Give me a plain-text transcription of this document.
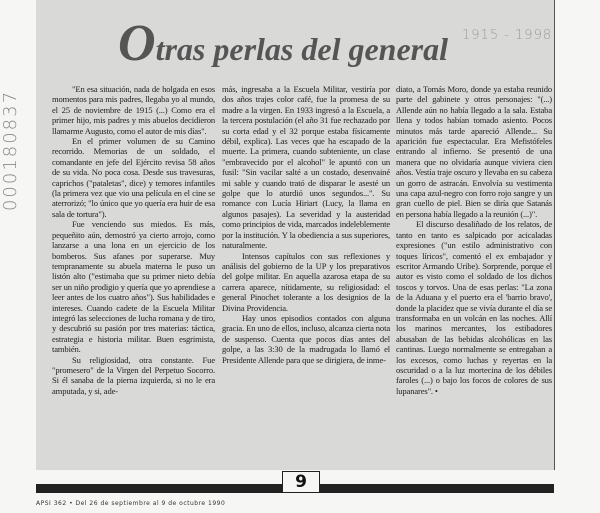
000180837
1915 - 1998
Otras perlas del general

"En esa situación, nada de holgada en esos momentos para mis padres, llegaba yo al mundo, el 25 de noviembre de 1915 (...) Como era el primer hijo, mis padres y mis abuelos decidieron llamarme Augusto, como el autor de mis días".

En el primer volumen de su Camino recorrido. Memorias de un soldado, el comandante en jefe del Ejército revisa 58 años de su vida. No poca cosa. Desde sus travesuras, caprichos ("pataletas", dice) y temores infantiles (la primera vez que vio una película en el cine se aterrorizó; "lo único que yo quería era huir de esa sala de tortura").

Fue venciendo sus miedos. Es más, pequeñito aún, demostró ya cierto arrojo, como lanzarse a una lona en un ejercicio de los bomberos. Sus afanes por superarse. Muy tempranamente su abuela materna le puso un listón alto ("estimaba que su primer nieto debía ser un niño prodigio y quería que yo aprendiese a leer antes de los cuatro años"). Sus habilidades e intereses. Cuando cadete de la Escuela Militar integró las selecciones de lucha romana y de tiro, y descubrió su pasión por tres materias: táctica, estrategia e historia militar. Buen esgrimista, también.

Su religiosidad, otra constante. Fue "promesero" de la Virgen del Perpetuo Socorro. Si él sanaba de la pierna izquierda, si no le era amputada, y si, ade-

más, ingresaba a la Escuela Militar, vestiría por dos años trajes color café, fue la promesa de su madre a la virgen. En 1933 ingresó a la Escuela, a la tercera postulación (el año 31 fue rechazado por su corta edad y el 32 porque estaba físicamente débil, explica). Las veces que ha escapado de la muerte. La primera, cuando subteniente, un clase "embravecido por el alcohol" le apuntó con un fusil: "Sin vacilar salté a un costado, desenvainé mi sable y cuando trató de disparar le asesté un golpe que lo aturdió unos segundos...". Su romance con Lucía Hiriart (Lucy, la llama en algunos pasajes). La severidad y la austeridad como principios de vida, marcados indeleblemente por la institución. Y la obediencia a sus superiores, naturalmente.

Intensos capítulos con sus reflexiones y análisis del gobierno de la UP y los preparativos del golpe militar. En aquella azarosa etapa de su carrera aparece, nítidamente, su religiosidad: el general Pinochet tolerante a los designios de la Divina Providencia.

Hay unos episodios contados con alguna gracia. En uno de ellos, incluso, alcanza cierta nota de suspenso. Cuenta que pocos días antes del golpe, a las 3:30 de la madrugada lo llamó el Presidente Allende para que se dirigiera, de inme-

diato, a Tomás Moro, donde ya estaba reunido parte del gabinete y otros personajes: "(...) Allende aún no había llegado a la sala. Estaba llena y todos habían tomado asiento. Pocos minutos más tarde apareció Allende... Su aparición fue espectacular. Era Mefistófeles entrando al infierno. Se presentó de una manera que no olvidaría aunque viviera cien años. Vestía traje oscuro y llevaba en su cabeza un gorro de astracán. Envolvía su vestimenta una capa azul-negro con forro rojo sangre y un gran cuello de piel. Bien se diría que Satanás en persona había llegado a la reunión (...)".

El discurso desaliñado de los relatos, de tanto en tanto es salpicado por acicaladas expresiones ("un estilo administrativo con toques líricos", comentó el ex embajador y escritor Armando Uribe). Sorprende, porque el autor es visto como el soldado de los dichos toscos y torvos. Una de esas perlas: "La zona de la Aduana y el puerto era el 'barrio bravo', donde la placidez que se vivía durante el día se transformaba en un volcán en las noches. Allí los marinos mercantes, los estibadores abusaban de las bebidas alcohólicas en las cantinas. Luego normalmente se entregaban a los excesos, como luchas y reyertas en la oscuridad o a la luz mortecina de los débiles faroles (...) o bajo los focos de colores de sus lupanares". •

9
APSI 362 • Del 26 de septiembre al 9 de octubre 1990
